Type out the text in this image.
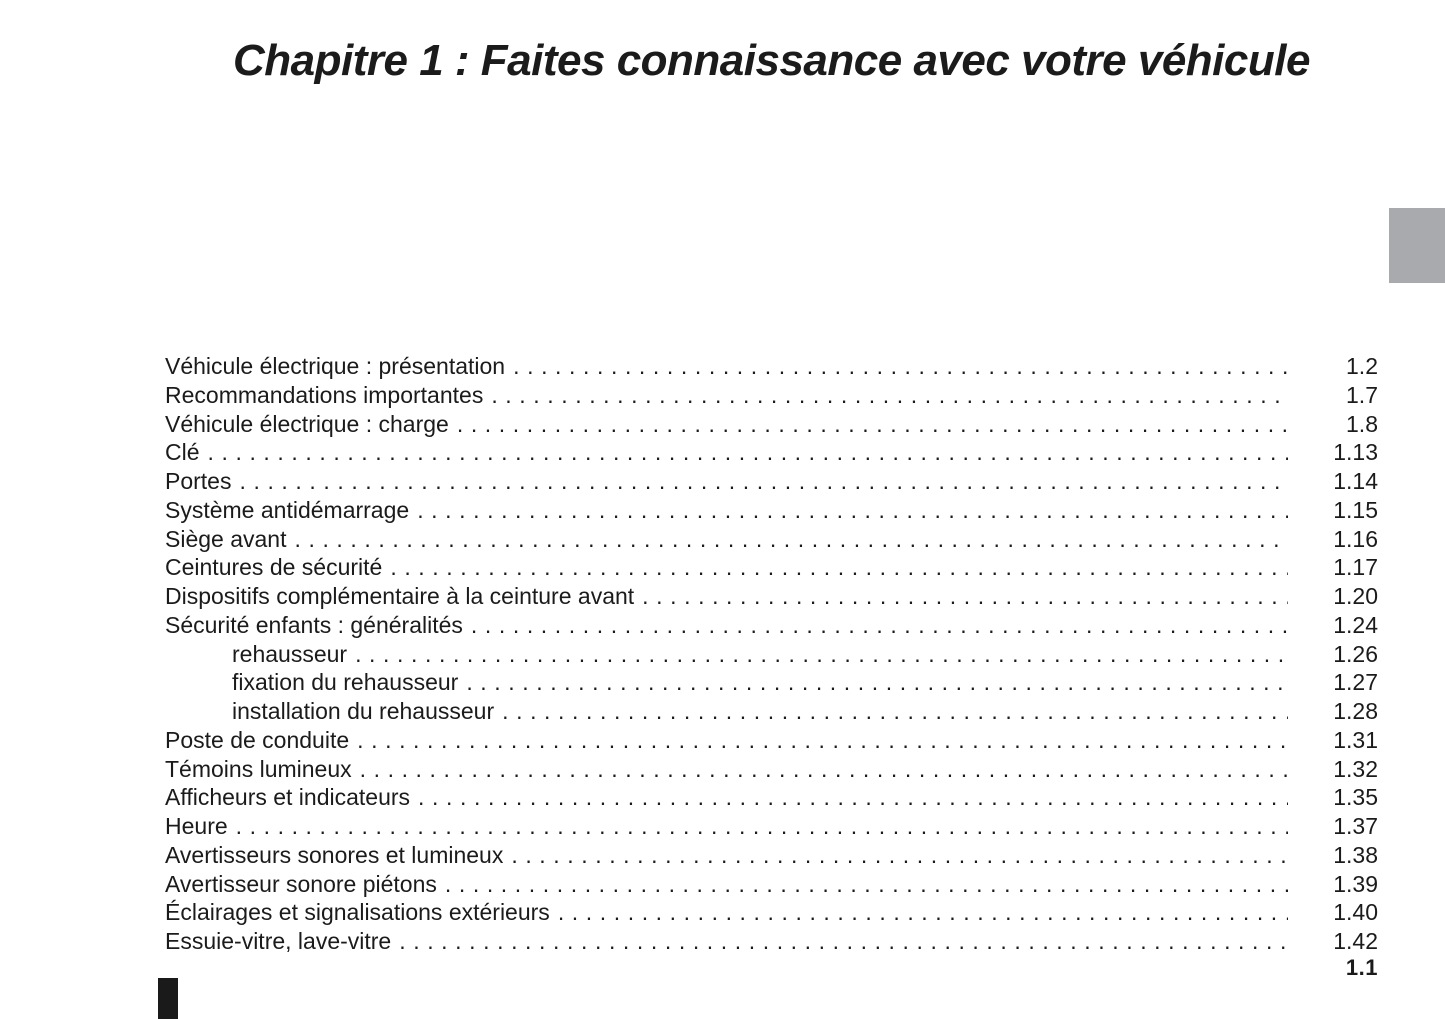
Chapitre 1 : Faites connaissance avec votre véhicule
Véhicule électrique : présentation . . .	1.2
Recommandations importantes . . .	1.7
Véhicule électrique : charge . . .	1.8
Clé . . .	1.13
Portes . . .	1.14
Système antidémarrage . . .	1.15
Siège avant . . .	1.16
Ceintures de sécurité . . .	1.17
Dispositifs complémentaire à la ceinture avant . . .	1.20
Sécurité enfants : généralités . . .	1.24
rehausseur . . .	1.26
fixation du rehausseur . . .	1.27
installation du rehausseur . . .	1.28
Poste de conduite . . .	1.31
Témoins lumineux . . .	1.32
Afficheurs et indicateurs . . .	1.35
Heure . . .	1.37
Avertisseurs sonores et lumineux . . .	1.38
Avertisseur sonore piétons . . .	1.39
Éclairages et signalisations extérieurs . . .	1.40
Essuie-vitre, lave-vitre . . .	1.42
1.1
